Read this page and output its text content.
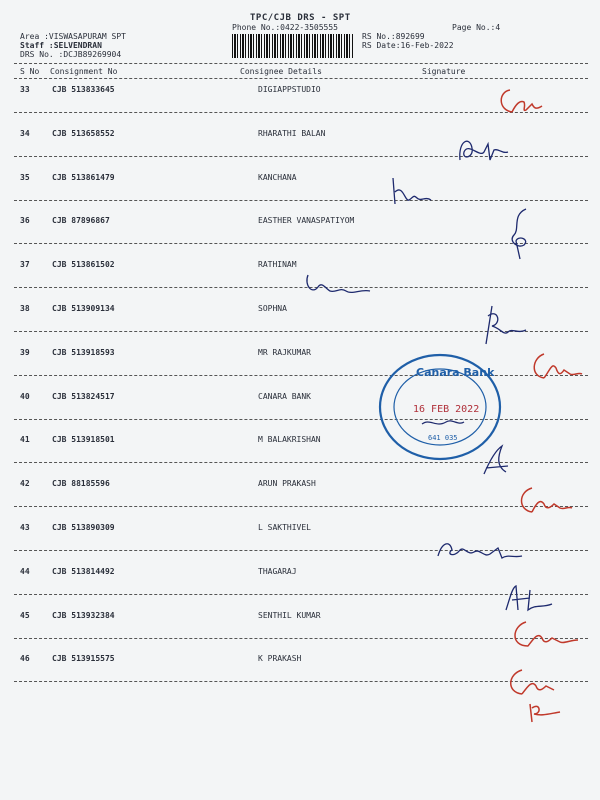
TPC/CJB DRS - SPT
Phone No.:0422-3505555	Page No.:4
Area :VISWASAPURAM SPT
Staff :SELVENDRAN
DRS No. :DCJB89269904
RS No.:892699
RS Date:16-Feb-2022
S No Consignment No	Consignee Details	Signature
33	CJB 513833645	DIGIAPPSTUDIO
34	CJB 513658552	RHARATHI BALAN
35	CJB 513861479	KANCHANA
36	CJB 87896867	EASTHER VANASPATIYOM
37	CJB 513861502	RATHINAM
38	CJB 513909134	SOPHNA
39	CJB 513918593	MR RAJKUMAR
40	CJB 513824517	CANARA BANK
41	CJB 513918501	M BALAKRISHAN
42	CJB 88185596	ARUN PRAKASH
43	CJB 513890309	L SAKTHIVEL
44	CJB 513814492	THAGARAJ
45	CJB 513932384	SENTHIL KUMAR
46	CJB 513915575	K PRAKASH
Canara Bank
16 FEB 2022
641 035
